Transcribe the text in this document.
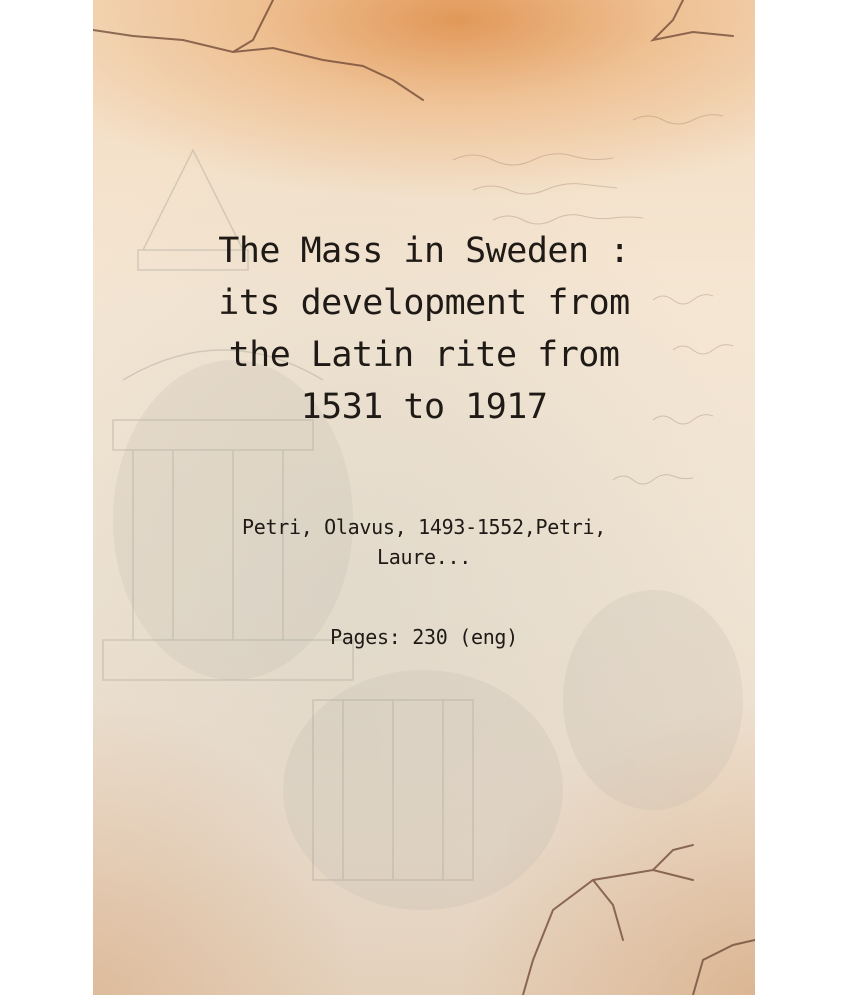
The Mass in Sweden :
its development from
the Latin rite from
1531 to 1917
Petri, Olavus, 1493-1552,Petri,
Laure...
Pages: 230 (eng)
